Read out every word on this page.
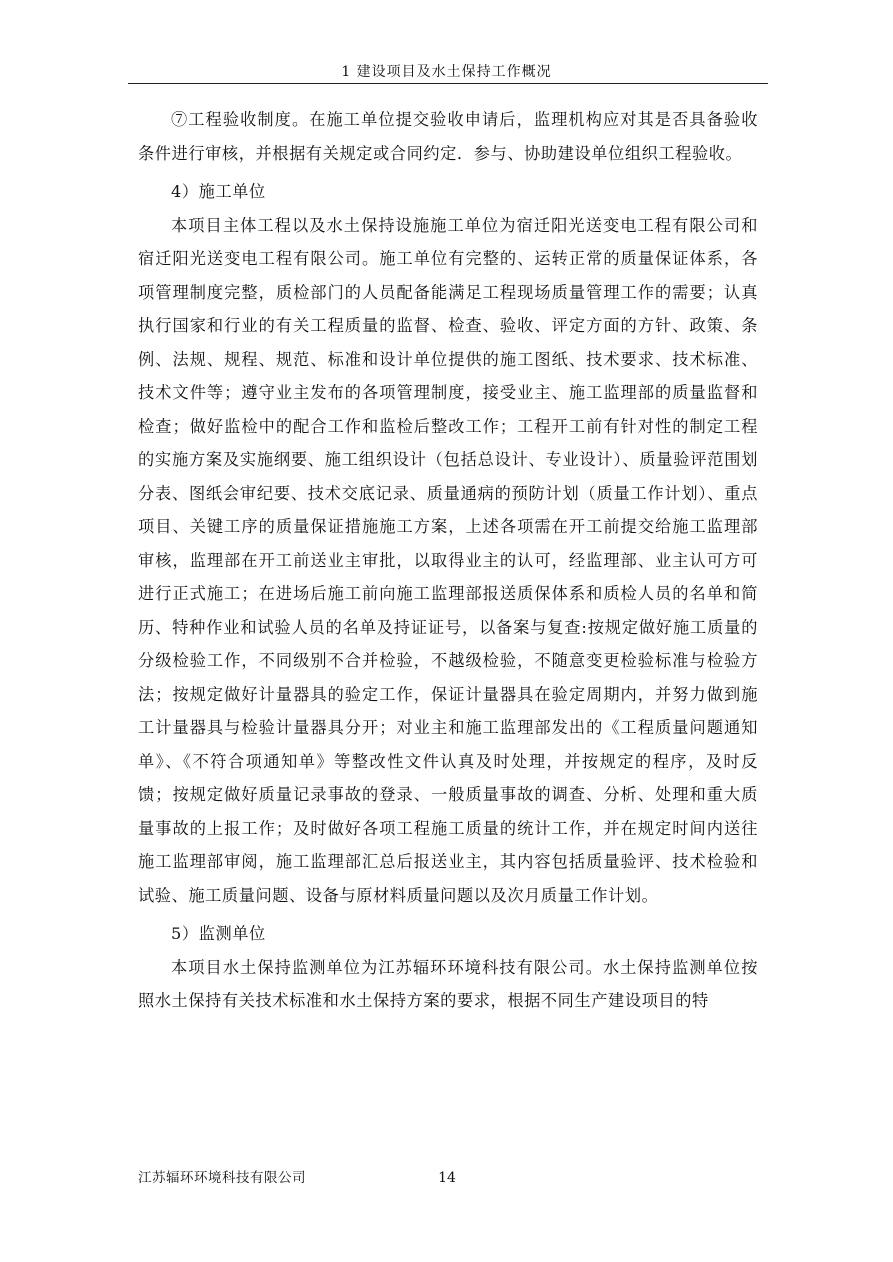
1 建设项目及水土保持工作概况

⑦工程验收制度。在施工单位提交验收申请后，监理机构应对其是否具备验收条件进行审核，并根据有关规定或合同约定．参与、协助建设单位组织工程验收。

4）施工单位

本项目主体工程以及水土保持设施施工单位为宿迁阳光送变电工程有限公司和宿迁阳光送变电工程有限公司。施工单位有完整的、运转正常的质量保证体系，各项管理制度完整，质检部门的人员配备能满足工程现场质量管理工作的需要；认真执行国家和行业的有关工程质量的监督、检查、验收、评定方面的方针、政策、条例、法规、规程、规范、标准和设计单位提供的施工图纸、技术要求、技术标准、技术文件等；遵守业主发布的各项管理制度，接受业主、施工监理部的质量监督和检查；做好监检中的配合工作和监检后整改工作；工程开工前有针对性的制定工程的实施方案及实施纲要、施工组织设计（包括总设计、专业设计）、质量验评范围划分表、图纸会审纪要、技术交底记录、质量通病的预防计划（质量工作计划）、重点项目、关键工序的质量保证措施施工方案，上述各项需在开工前提交给施工监理部审核，监理部在开工前送业主审批，以取得业主的认可，经监理部、业主认可方可进行正式施工；在进场后施工前向施工监理部报送质保体系和质检人员的名单和简历、特种作业和试验人员的名单及持证证号，以备案与复查:按规定做好施工质量的分级检验工作，不同级别不合并检验，不越级检验，不随意变更检验标准与检验方法；按规定做好计量器具的验定工作，保证计量器具在验定周期内，并努力做到施工计量器具与检验计量器具分开；对业主和施工监理部发出的《工程质量问题通知单》、《不符合项通知单》等整改性文件认真及时处理，并按规定的程序，及时反馈；按规定做好质量记录事故的登录、一般质量事故的调查、分析、处理和重大质量事故的上报工作；及时做好各项工程施工质量的统计工作，并在规定时间内送往施工监理部审阅，施工监理部汇总后报送业主，其内容包括质量验评、技术检验和试验、施工质量问题、设备与原材料质量问题以及次月质量工作计划。

5）监测单位

本项目水土保持监测单位为江苏辐环环境科技有限公司。水土保持监测单位按照水土保持有关技术标准和水土保持方案的要求，根据不同生产建设项目的特

江苏辐环环境科技有限公司	14
